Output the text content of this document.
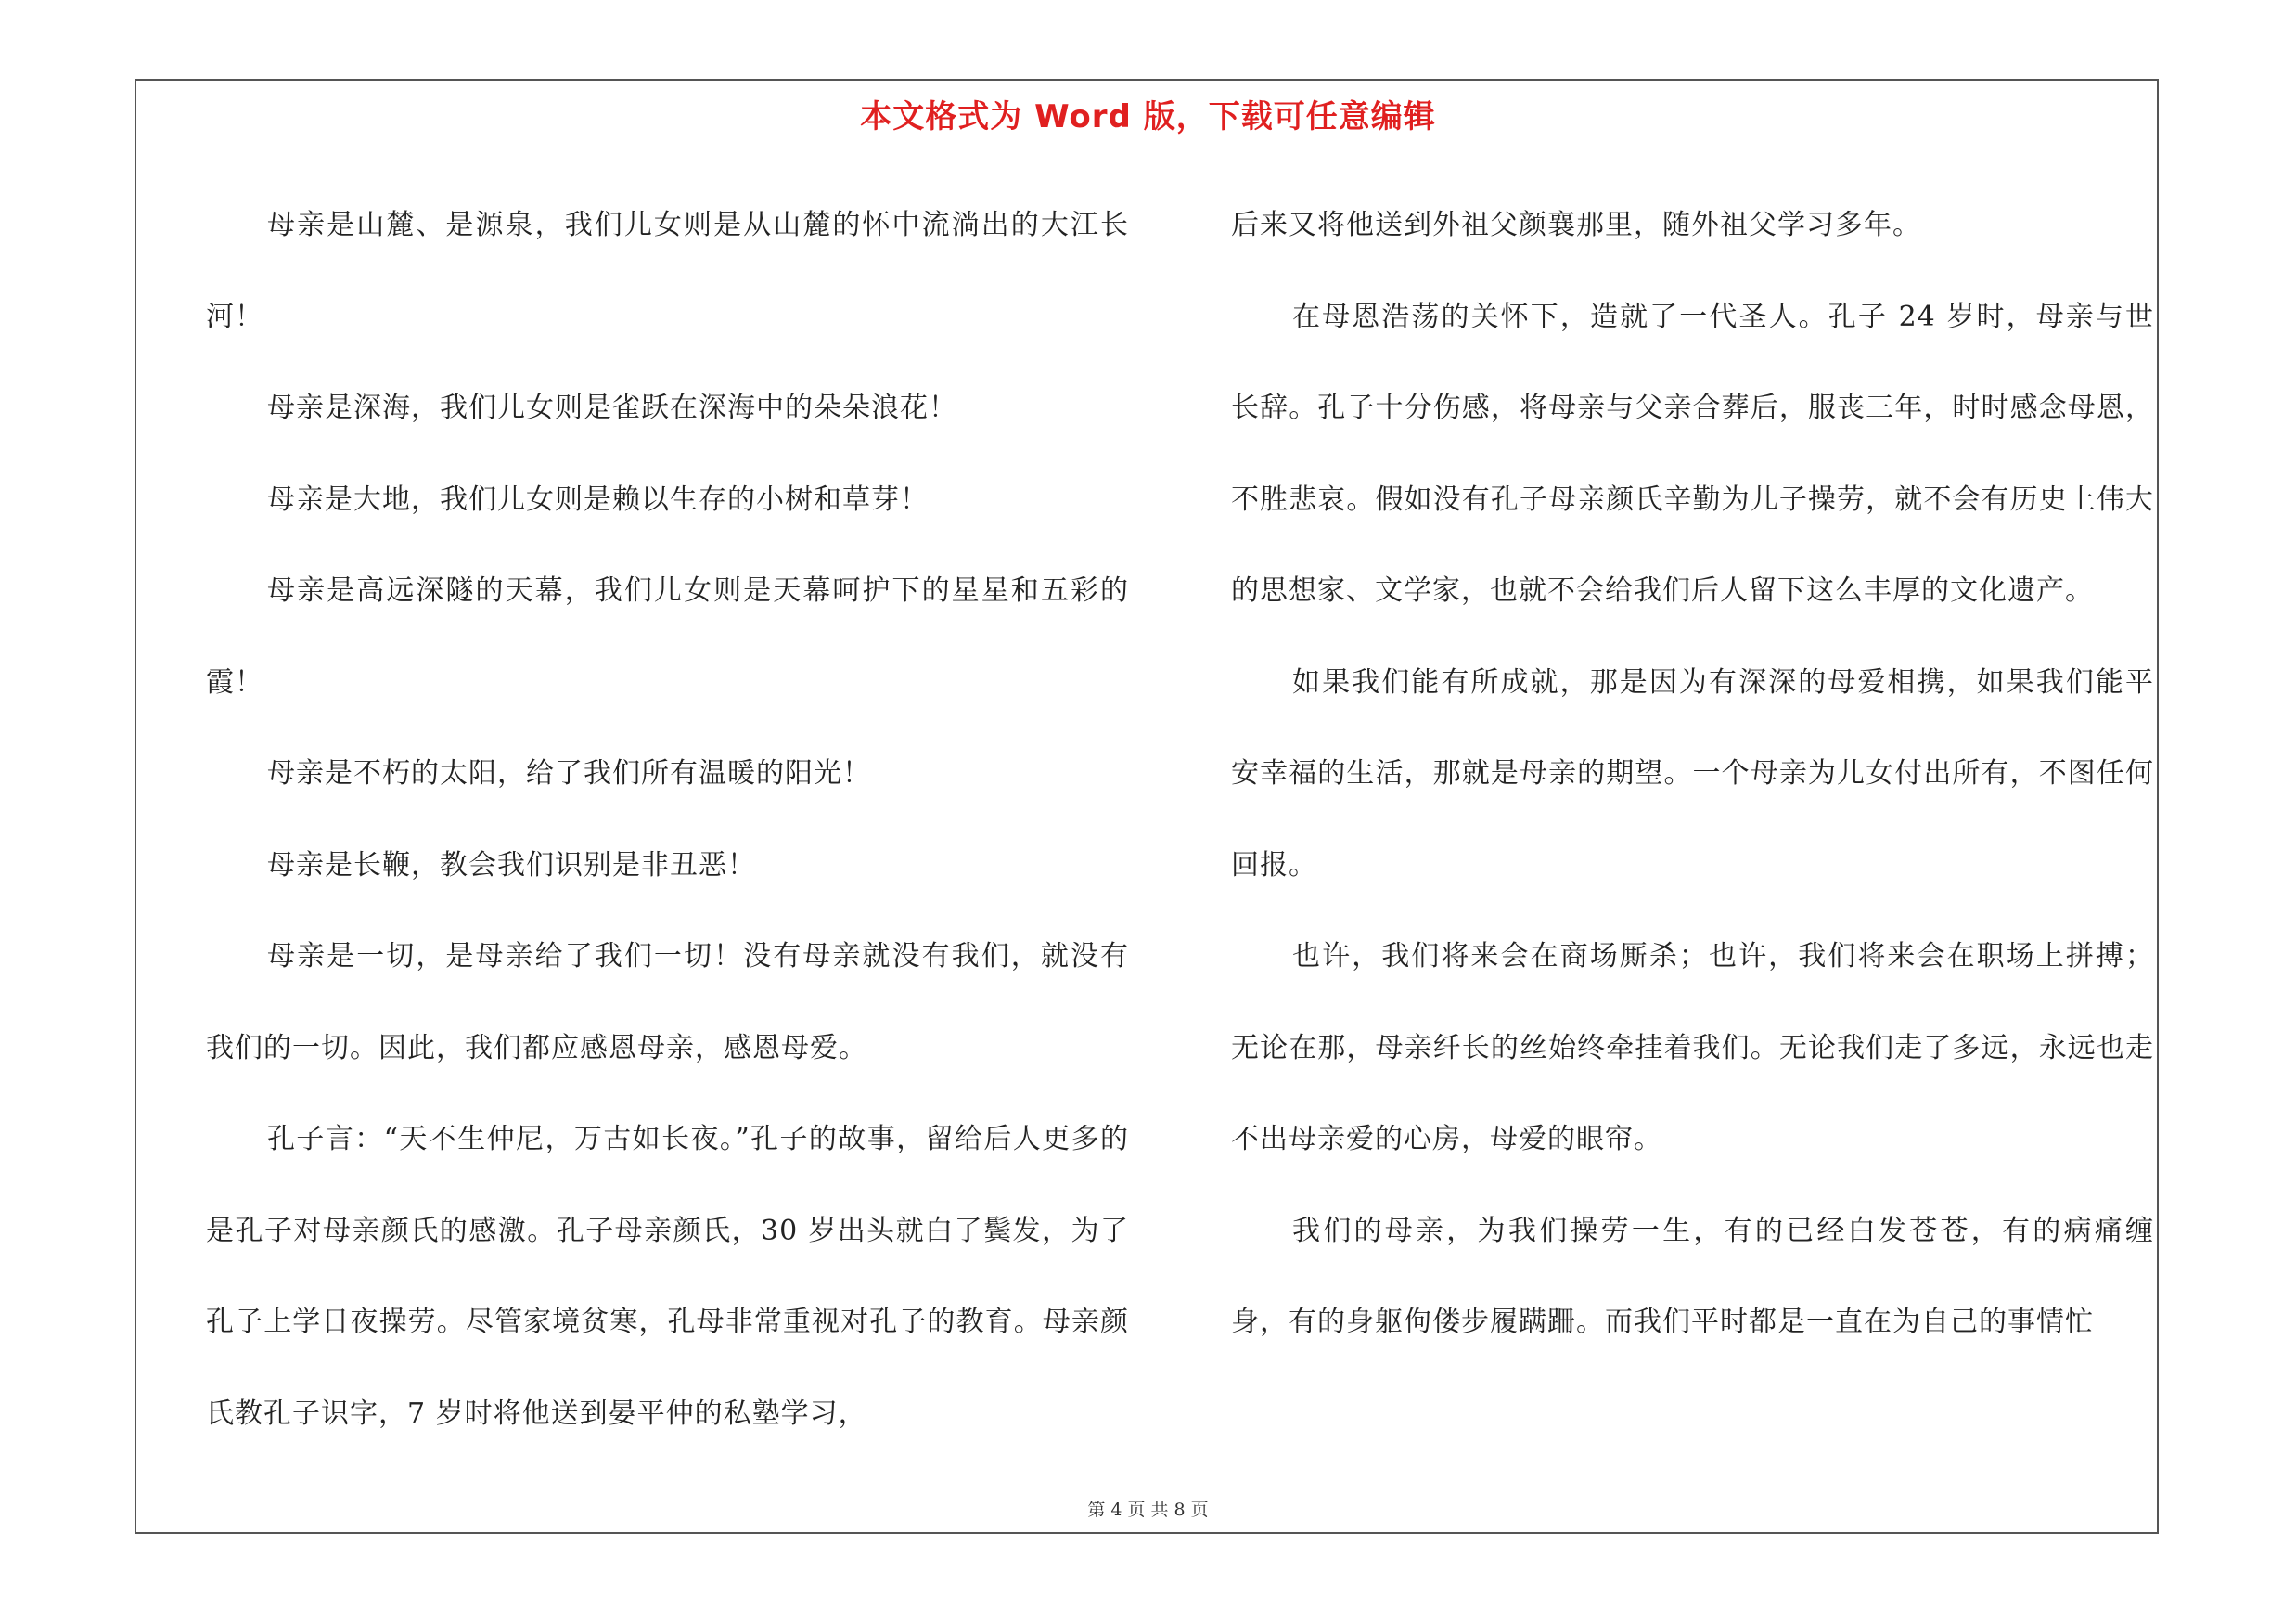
本文格式为 Word 版，下载可任意编辑

母亲是山麓、是源泉，我们儿女则是从山麓的怀中流淌出的大江长河！

母亲是深海，我们儿女则是雀跃在深海中的朵朵浪花！

母亲是大地，我们儿女则是赖以生存的小树和草芽！

母亲是高远深隧的天幕，我们儿女则是天幕呵护下的星星和五彩的霞！

母亲是不朽的太阳，给了我们所有温暖的阳光！

母亲是长鞭，教会我们识别是非丑恶！

母亲是一切，是母亲给了我们一切！没有母亲就没有我们，就没有我们的一切。因此，我们都应感恩母亲，感恩母爱。

孔子言：“天不生仲尼，万古如长夜。”孔子的故事，留给后人更多的是孔子对母亲颜氏的感激。孔子母亲颜氏，30 岁出头就白了鬓发，为了孔子上学日夜操劳。尽管家境贫寒，孔母非常重视对孔子的教育。母亲颜氏教孔子识字，7 岁时将他送到晏平仲的私塾学习，

后来又将他送到外祖父颜襄那里，随外祖父学习多年。

在母恩浩荡的关怀下，造就了一代圣人。孔子 24 岁时，母亲与世长辞。孔子十分伤感，将母亲与父亲合葬后，服丧三年，时时感念母恩，不胜悲哀。假如没有孔子母亲颜氏辛勤为儿子操劳，就不会有历史上伟大的思想家、文学家，也就不会给我们后人留下这么丰厚的文化遗产。

如果我们能有所成就，那是因为有深深的母爱相携，如果我们能平安幸福的生活，那就是母亲的期望。一个母亲为儿女付出所有，不图任何回报。

也许，我们将来会在商场厮杀；也许，我们将来会在职场上拼搏；无论在那，母亲纤长的丝始终牵挂着我们。无论我们走了多远，永远也走不出母亲爱的心房，母爱的眼帘。

我们的母亲，为我们操劳一生，有的已经白发苍苍，有的病痛缠身，有的身躯佝偻步履蹒跚。而我们平时都是一直在为自己的事情忙

第 4 页 共 8 页
